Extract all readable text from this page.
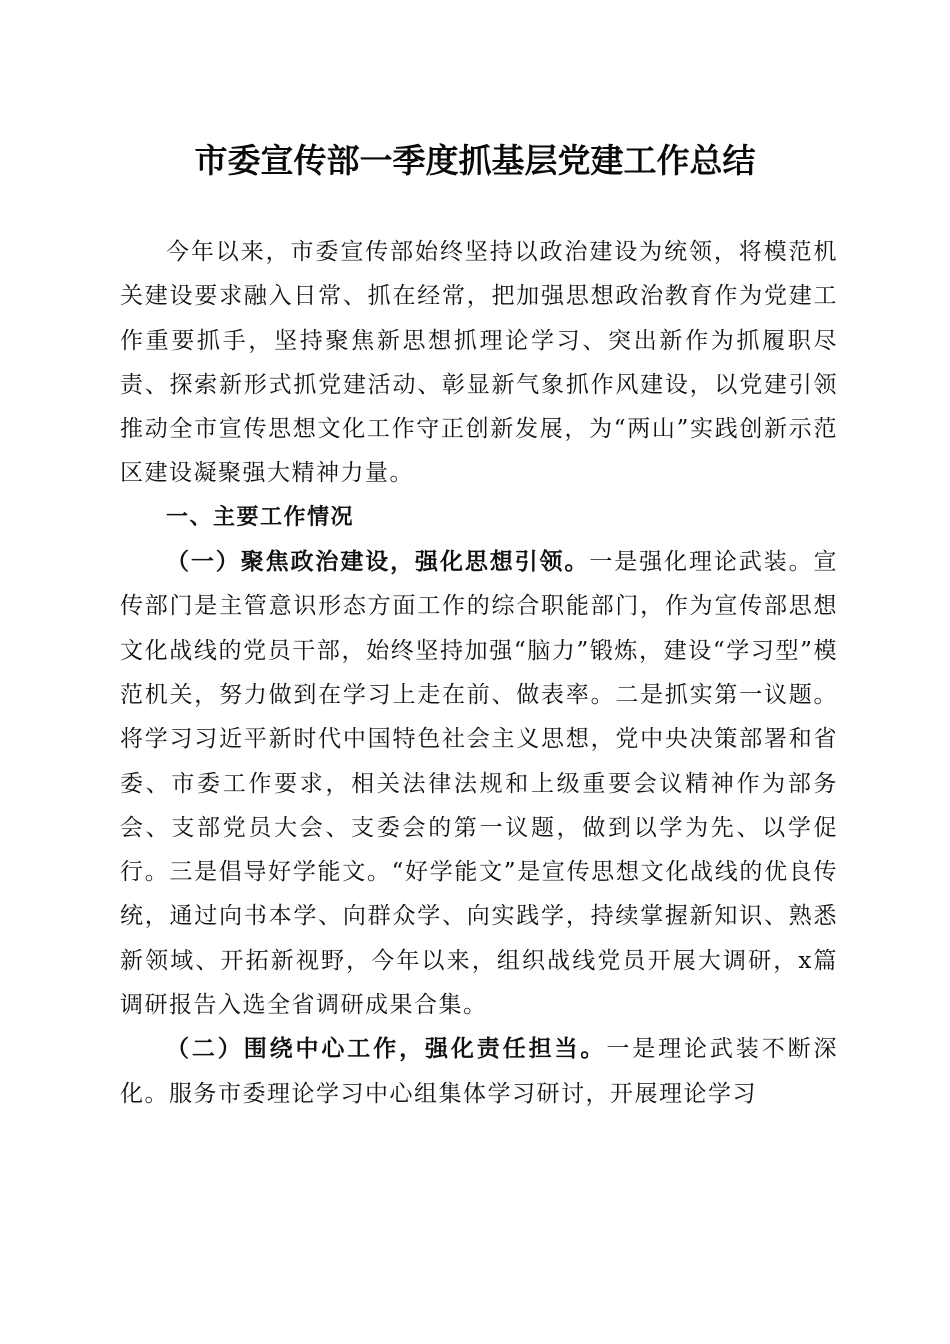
市委宣传部一季度抓基层党建工作总结

今年以来，市委宣传部始终坚持以政治建设为统领，将模范机关建设要求融入日常、抓在经常，把加强思想政治教育作为党建工作重要抓手，坚持聚焦新思想抓理论学习、突出新作为抓履职尽责、探索新形式抓党建活动、彰显新气象抓作风建设，以党建引领推动全市宣传思想文化工作守正创新发展，为“两山”实践创新示范区建设凝聚强大精神力量。

一、主要工作情况

（一）聚焦政治建设，强化思想引领。一是强化理论武装。宣传部门是主管意识形态方面工作的综合职能部门，作为宣传部思想文化战线的党员干部，始终坚持加强“脑力”锻炼，建设“学习型”模范机关，努力做到在学习上走在前、做表率。二是抓实第一议题。将学习习近平新时代中国特色社会主义思想，党中央决策部署和省委、市委工作要求，相关法律法规和上级重要会议精神作为部务会、支部党员大会、支委会的第一议题，做到以学为先、以学促行。三是倡导好学能文。“好学能文”是宣传思想文化战线的优良传统，通过向书本学、向群众学、向实践学，持续掌握新知识、熟悉新领域、开拓新视野，今年以来，组织战线党员开展大调研，x篇调研报告入选全省调研成果合集。

（二）围绕中心工作，强化责任担当。一是理论武装不断深化。服务市委理论学习中心组集体学习研讨，开展理论学习
